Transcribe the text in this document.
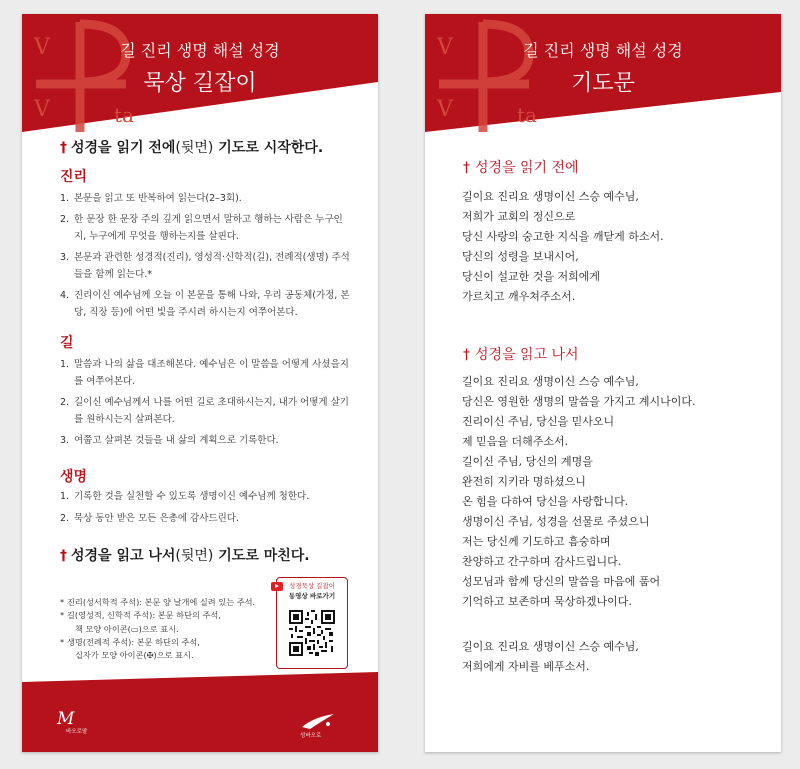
V
V	ta
길 진리 생명 해설 성경
묵상 길잡이
† 성경을 읽기 전에(뒷면) 기도로 시작한다.
진리
1. 본문을 읽고 또 반복하여 읽는다(2–3회).
2. 한 문장 한 문장 주의 깊게 읽으면서 말하고 행하는 사람은 누구인지, 누구에게 무엇을 행하는지를 살핀다.
3. 본문과 관련한 성경적(진리), 영성적·신학적(길), 전례적(생명) 주석들을 함께 읽는다.*
4. 진리이신 예수님께 오늘 이 본문을 통해 나와, 우리 공동체(가정, 본당, 직장 등)에 어떤 빛을 주시려 하시는지 여쭈어본다.
길
1. 말씀과 나의 삶을 대조해본다. 예수님은 이 말씀을 어떻게 사셨을지를 여쭈어본다.
2. 길이신 예수님께서 나를 어떤 길로 초대하시는지, 내가 어떻게 살기를 원하시는지 살펴본다.
3. 여쭙고 살펴본 것들을 내 삶의 계획으로 기록한다.
생명
1. 기록한 것을 실천할 수 있도록 생명이신 예수님께 청한다.
2. 묵상 동안 받은 모든 은총에 감사드린다.
† 성경을 읽고 나서(뒷면) 기도로 마친다.
* 진리(성서학적 주석): 본문 양 날개에 실려 있는 주석.
* 길(영성적, 신학적 주석): 본문 하단의 주석,
책 모양 아이콘(▭)으로 표시.
* 생명(전례적 주석): 본문 하단의 주석,
십자가 모양 아이콘(✠)으로 표시.
성경묵상 길잡이
동영상 바로가기
M
바오로딸
성바오로
V
V	ta
길 진리 생명 해설 성경
기도문
† 성경을 읽기 전에
길이요 진리요 생명이신 스승 예수님,
저희가 교회의 정신으로
당신 사랑의 숭고한 지식을 깨닫게 하소서.
당신의 성령을 보내시어,
당신이 설교한 것을 저희에게
가르치고 깨우쳐주소서.
† 성경을 읽고 나서
길이요 진리요 생명이신 스승 예수님,
당신은 영원한 생명의 말씀을 가지고 계시나이다.
진리이신 주님, 당신을 믿사오니
제 믿음을 더해주소서.
길이신 주님, 당신의 계명을
완전히 지키라 명하셨으니
온 힘을 다하여 당신을 사랑합니다.
생명이신 주님, 성경을 선물로 주셨으니
저는 당신께 기도하고 흠숭하며
찬양하고 간구하며 감사드립니다.
성모님과 함께 당신의 말씀을 마음에 품어
기억하고 보존하며 묵상하겠나이다.
길이요 진리요 생명이신 스승 예수님,
저희에게 자비를 베푸소서.
